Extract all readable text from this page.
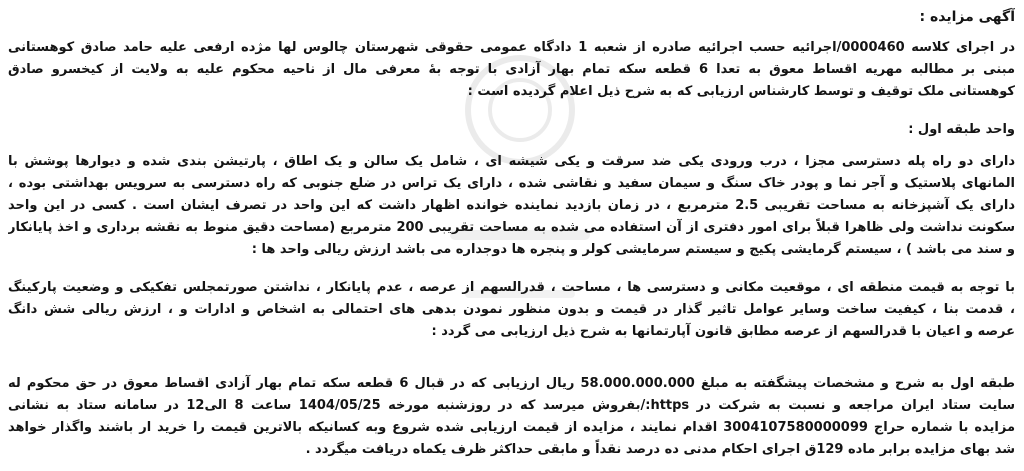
آگهی مزایده :
در اجرای کلاسه 0000460/اجرائیه حسب اجرائیه صادره از شعبه 1 دادگاه عمومی حقوقی شهرستان چالوس لها مژده ارفعی علیه حامد صادق کوهستانی
مبنی بر مطالبه مهریه اقساط معوق به تعدا 6 قطعه سکه تمام بهار آزادی با توجه بهٔ معرفی مال از ناحیه محکوم علیه به ولایت از کیخسرو صادق
کوهستانی ملک توقیف و توسط کارشناس ارزیابی که به شرح ذیل اعلام گردیده است :
واحد طبقه اول :
دارای دو راه پله دسترسی مجزا ، درب ورودی یکی ضد سرقت و یکی شیشه ای ، شامل یک سالن و یک اطاق ، پارتیشن بندی شده و دیوارها پوشش با
المانهای پلاستیک و آجر نما و پودر خاک سنگ و سیمان سفید و نقاشی شده ، دارای یک تراس در ضلع جنوبی که راه دسترسی به سرویس بهداشتی بوده ،
دارای یک آشپزخانه به مساحت تقریبی 2.5 مترمربع ، در زمان بازدید نماینده خوانده اظهار داشت که این واحد در تصرف ایشان است . کسی در این واحد
سکونت نداشت ولی ظاهرا قبلاً برای امور دفتری از آن استفاده می شده به مساحت تقریبی 200 مترمربع (مساحت دقیق منوط به نقشه برداری و اخذ پایانکار
و سند می باشد ) ، سیستم گرمایشی پکیج و سیستم سرمایشی کولر و پنجره ها دوجداره می باشد ارزش ریالی واحد ها :
با توجه به قیمت منطقه ای ، موقعیت مکانی و دسترسی ها ، مساحت ، قدرالسهم از عرصه ، عدم پایانکار ، نداشتن صورتمجلس تفکیکی و وضعیت پارکینگ
، قدمت بنا ، کیفیت ساخت وسایر عوامل تاثیر گذار در قیمت و بدون منظور نمودن بدهی های احتمالی به اشخاص و ادارات و ، ارزش ریالی شش دانگ
عرصه و اعیان با قدرالسهم از عرصه مطابق قانون آپارتمانها به شرح ذیل ارزیابی می گردد :
طبقه اول به شرح و مشخصات پیشگفته به مبلغ 58.000.000.000 ریال ارزیابی که در قبال 6 قطعه سکه تمام بهار آزادی اقساط معوق در حق محکوم له
سایت ستاد ایران مراجعه و نسبت به شرکت در https:/بفروش میرسد که در روزشنبه مورخه 1404/05/25 ساعت 8 الی12 در سامانه ستاد به نشانی
مزایده با شماره حراج 3004107580000099 اقدام نمایند ، مزایده از قیمت ارزیابی شده شروع وبه کسانیکه بالاترین قیمت را خرید ار باشند واگذار خواهد
شد بهای مزایده برابر ماده 129ق اجرای احکام مدنی ده درصد نقداً و مابقی حداکثر ظرف یکماه دریافت میگردد .
